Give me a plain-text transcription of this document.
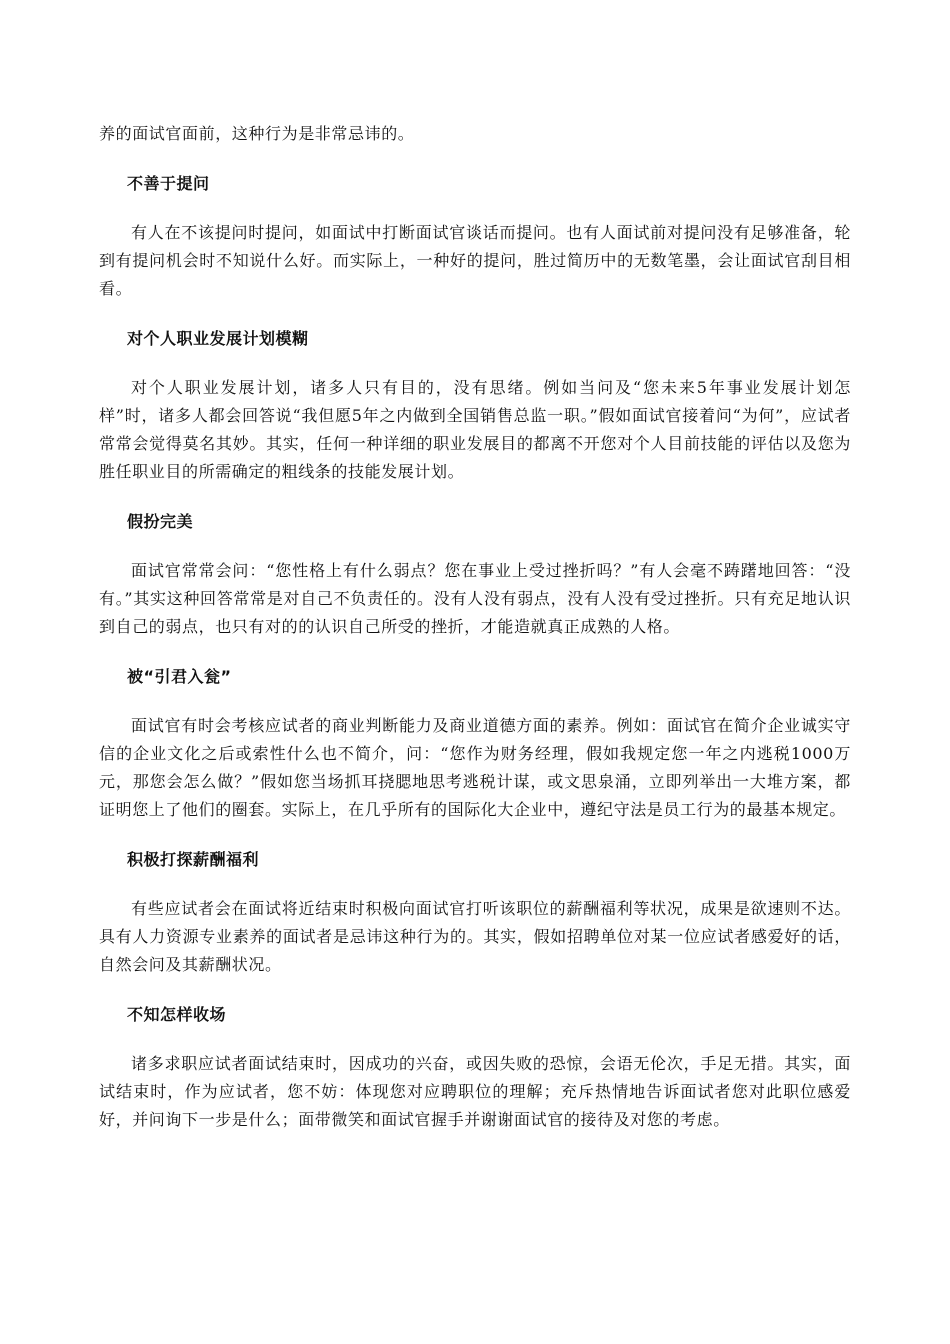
养的面试官面前，这种行为是非常忌讳的。

不善于提问

有人在不该提问时提问，如面试中打断面试官谈话而提问。也有人面试前对提问没有足够准备，轮到有提问机会时不知说什么好。而实际上，一种好的提问，胜过简历中的无数笔墨，会让面试官刮目相看。

对个人职业发展计划模糊

对个人职业发展计划，诸多人只有目的，没有思绪。例如当问及“您未来5年事业发展计划怎样”时，诸多人都会回答说“我但愿5年之内做到全国销售总监一职。”假如面试官接着问“为何”，应试者常常会觉得莫名其妙。其实，任何一种详细的职业发展目的都离不开您对个人目前技能的评估以及您为胜任职业目的所需确定的粗线条的技能发展计划。

假扮完美

面试官常常会问：“您性格上有什么弱点？您在事业上受过挫折吗？”有人会毫不踌躇地回答：“没有。”其实这种回答常常是对自己不负责任的。没有人没有弱点，没有人没有受过挫折。只有充足地认识到自己的弱点，也只有对的的认识自己所受的挫折，才能造就真正成熟的人格。

被“引君入瓮”

面试官有时会考核应试者的商业判断能力及商业道德方面的素养。例如：面试官在简介企业诚实守信的企业文化之后或索性什么也不简介，问：“您作为财务经理，假如我规定您一年之内逃税1000万元，那您会怎么做？”假如您当场抓耳挠腮地思考逃税计谋，或文思泉涌，立即列举出一大堆方案，都证明您上了他们的圈套。实际上，在几乎所有的国际化大企业中，遵纪守法是员工行为的最基本规定。

积极打探薪酬福利

有些应试者会在面试将近结束时积极向面试官打听该职位的薪酬福利等状况，成果是欲速则不达。具有人力资源专业素养的面试者是忌讳这种行为的。其实，假如招聘单位对某一位应试者感爱好的话，自然会问及其薪酬状况。

不知怎样收场

诸多求职应试者面试结束时，因成功的兴奋，或因失败的恐惊，会语无伦次，手足无措。其实，面试结束时，作为应试者，您不妨：体现您对应聘职位的理解；充斥热情地告诉面试者您对此职位感爱好，并问询下一步是什么；面带微笑和面试官握手并谢谢面试官的接待及对您的考虑。
